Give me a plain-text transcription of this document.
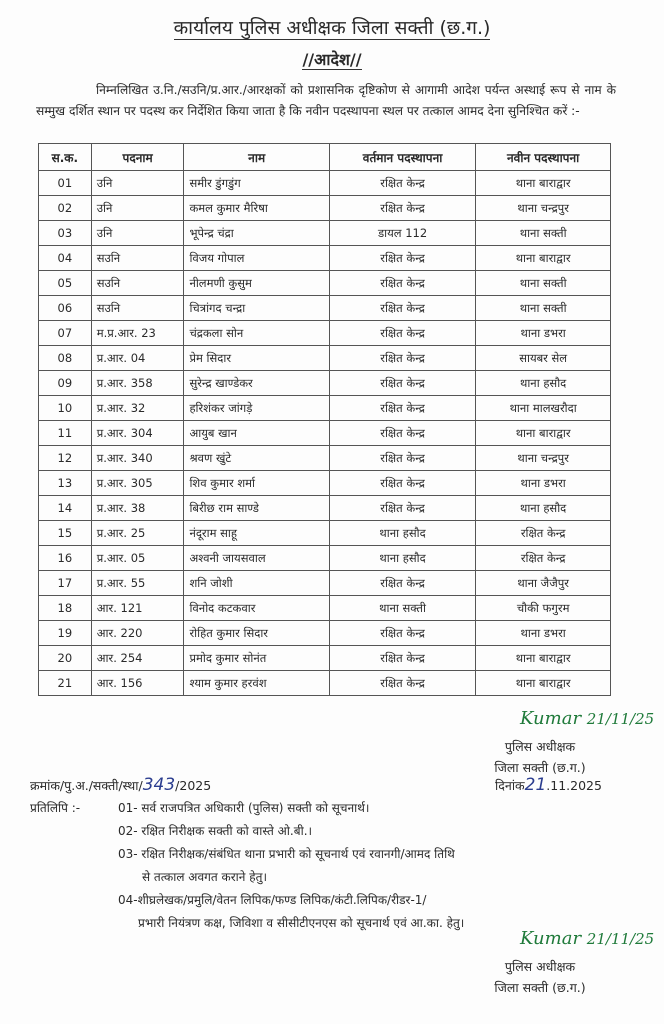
कार्यालय पुलिस अधीक्षक जिला सक्ती (छ.ग.)
//आदेश//
निम्नलिखित उ.नि./सउनि/प्र.आर./आरक्षकों को प्रशासनिक दृष्टिकोण से आगामी आदेश पर्यन्त अस्थाई रूप से नाम के सम्मुख दर्शित स्थान पर पदस्थ कर निर्देशित किया जाता है कि नवीन पदस्थापना स्थल पर तत्काल आमद देना सुनिश्चित करें :-
स.क.	पदनाम	नाम	वर्तमान पदस्थापना	नवीन पदस्थापना
01	उनि	समीर डुंगडुंग	रक्षित केन्द्र	थाना बाराद्वार
02	उनि	कमल कुमार मैरिषा	रक्षित केन्द्र	थाना चन्द्रपुर
03	उनि	भूपेन्द्र चंद्रा	डायल 112	थाना सक्ती
04	सउनि	विजय गोपाल	रक्षित केन्द्र	थाना बाराद्वार
05	सउनि	नीलमणी कुसुम	रक्षित केन्द्र	थाना सक्ती
06	सउनि	चित्रांगद चन्द्रा	रक्षित केन्द्र	थाना सक्ती
07	म.प्र.आर. 23	चंद्रकला सोन	रक्षित केन्द्र	थाना डभरा
08	प्र.आर. 04	प्रेम सिदार	रक्षित केन्द्र	सायबर सेल
09	प्र.आर. 358	सुरेन्द्र खाण्डेकर	रक्षित केन्द्र	थाना हसौद
10	प्र.आर. 32	हरिशंकर जांगड़े	रक्षित केन्द्र	थाना मालखरौदा
11	प्र.आर. 304	आयुब खान	रक्षित केन्द्र	थाना बाराद्वार
12	प्र.आर. 340	श्रवण खुंटे	रक्षित केन्द्र	थाना चन्द्रपुर
13	प्र.आर. 305	शिव कुमार शर्मा	रक्षित केन्द्र	थाना डभरा
14	प्र.आर. 38	बिरीछ राम साण्डे	रक्षित केन्द्र	थाना हसौद
15	प्र.आर. 25	नंदूराम साहू	थाना हसौद	रक्षित केन्द्र
16	प्र.आर. 05	अश्वनी जायसवाल	थाना हसौद	रक्षित केन्द्र
17	प्र.आर. 55	शनि जोशी	रक्षित केन्द्र	थाना जैजैपुर
18	आर. 121	विनोद कटकवार	थाना सक्ती	चौकी फगुरम
19	आर. 220	रोहित कुमार सिदार	रक्षित केन्द्र	थाना डभरा
20	आर. 254	प्रमोद कुमार सोनंत	रक्षित केन्द्र	थाना बाराद्वार
21	आर. 156	श्याम कुमार हरवंश	रक्षित केन्द्र	थाना बाराद्वार
Kumar 21/11/25
पुलिस अधीक्षक
जिला सक्ती (छ.ग.)
क्रमांक/पु.अ./सक्ती/स्था/343/2025	दिनांक21.11.2025
प्रतिलिपि :-	01- सर्व राजपत्रित अधिकारी (पुलिस) सक्ती को सूचनार्थ।
02- रक्षित निरीक्षक सक्ती को वास्ते ओ.बी.।
03- रक्षित निरीक्षक/संबंधित थाना प्रभारी को सूचनार्थ एवं रवानगी/आमद तिथि
से तत्काल अवगत कराने हेतु।
04-शीघ्रलेखक/प्रमुलि/वेतन लिपिक/फण्ड लिपिक/कंटी.लिपिक/रीडर-1/
प्रभारी नियंत्रण कक्ष, जिविशा व सीसीटीएनएस को सूचनार्थ एवं आ.का. हेतु।
Kumar 21/11/25
पुलिस अधीक्षक
जिला सक्ती (छ.ग.)
